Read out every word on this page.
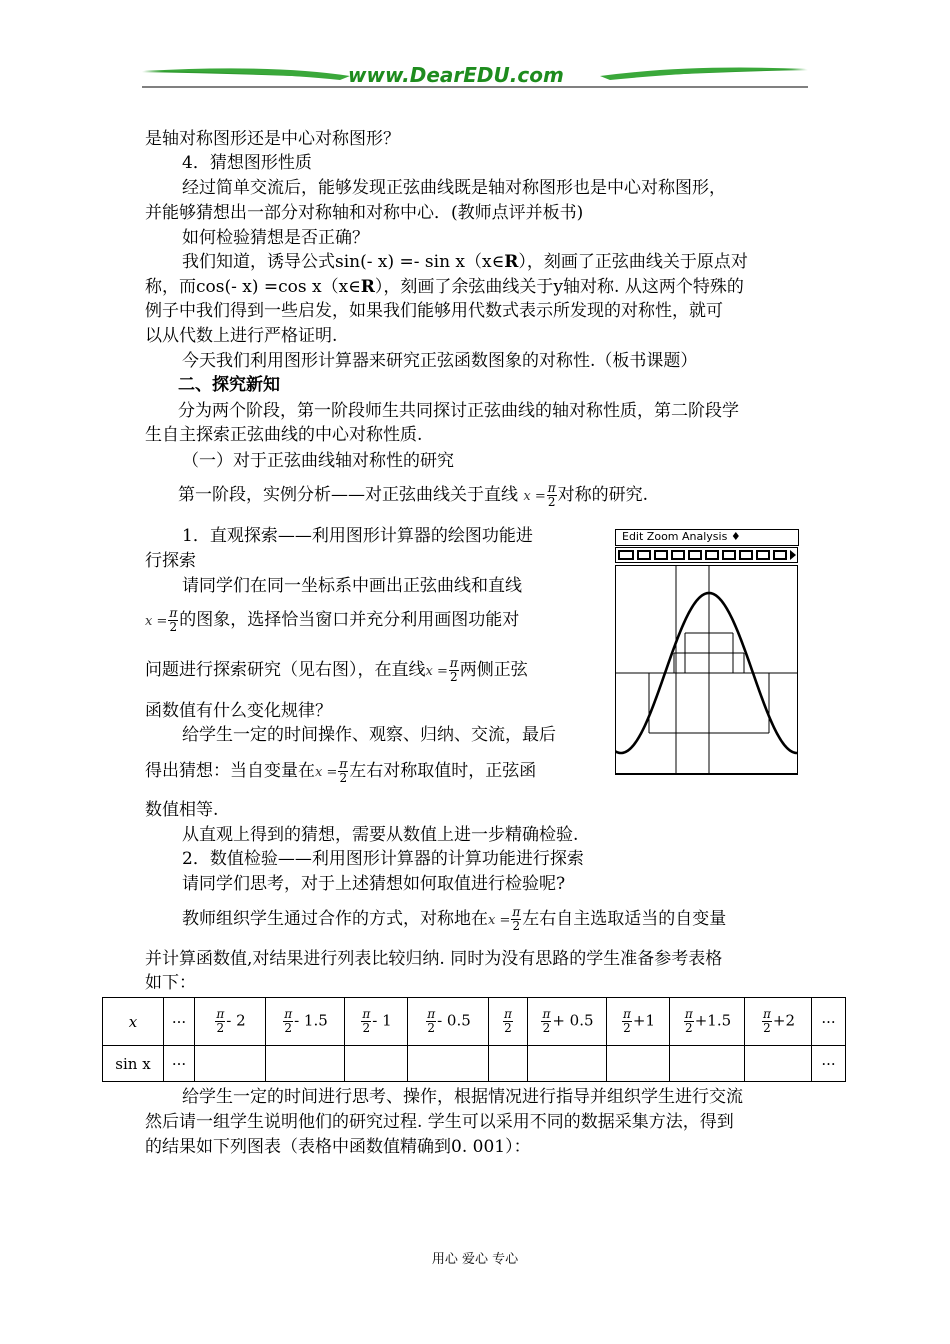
www.DearEDU.com
是轴对称图形还是中心对称图形？
4．猜想图形性质
经过简单交流后，能够发现正弦曲线既是轴对称图形也是中心对称图形，
并能够猜想出一部分对称轴和对称中心．(教师点评并板书)
如何检验猜想是否正确？
我们知道，诱导公式sin(- x) =- sin x（x∈R），刻画了正弦曲线关于原点对
称，而cos(- x) =cos x（x∈R），刻画了余弦曲线关于y轴对称. 从这两个特殊的
例子中我们得到一些启发，如果我们能够用代数式表示所发现的对称性，就可
以从代数上进行严格证明.
今天我们利用图形计算器来研究正弦函数图象的对称性.（板书课题）
二、探究新知
分为两个阶段，第一阶段师生共同探讨正弦曲线的轴对称性质，第二阶段学
生自主探索正弦曲线的中心对称性质.
（一）对于正弦曲线轴对称性的研究
第一阶段，实例分析——对正弦曲线关于直线 $x = \frac{\pi}{2}$ 对称的研究.
1．直观探索——利用图形计算器的绘图功能进
行探索
请同学们在同一坐标系中画出正弦曲线和直线
$x = \frac{\pi}{2}$ 的图象，选择恰当窗口并充分利用画图功能对
问题进行探索研究（见右图），在直线$x = \frac{\pi}{2}$ 两侧正弦
函数值有什么变化规律？
给学生一定的时间操作、观察、归纳、交流，最后
得出猜想：当自变量在$x = \frac{\pi}{2}$ 左右对称取值时，正弦函
数值相等.
从直观上得到的猜想，需要从数值上进一步精确检验.
2．数值检验——利用图形计算器的计算功能进行探索
请同学们思考，对于上述猜想如何取值进行检验呢?
教师组织学生通过合作的方式，对称地在$x = \frac{\pi}{2}$ 左右自主选取适当的自变量
并计算函数值,对结果进行列表比较归纳. 同时为没有思路的学生准备参考表格
如下：
Edit Zoom Analysis ♦
x	···	$\frac{\pi}{2} - 2$	$\frac{\pi}{2} - 1.5$	$\frac{\pi}{2} - 1$	$\frac{\pi}{2} - 0.5$	$\frac{\pi}{2}$	$\frac{\pi}{2} + 0.5$	$\frac{\pi}{2} +1$	$\frac{\pi}{2} +1.5$	$\frac{\pi}{2} +2$	···
sin x	···										···
给学生一定的时间进行思考、操作，根据情况进行指导并组织学生进行交流
然后请一组学生说明他们的研究过程. 学生可以采用不同的数据采集方法，得到
的结果如下列图表（表格中函数值精确到0. 001）：
用心 爱心 专心
